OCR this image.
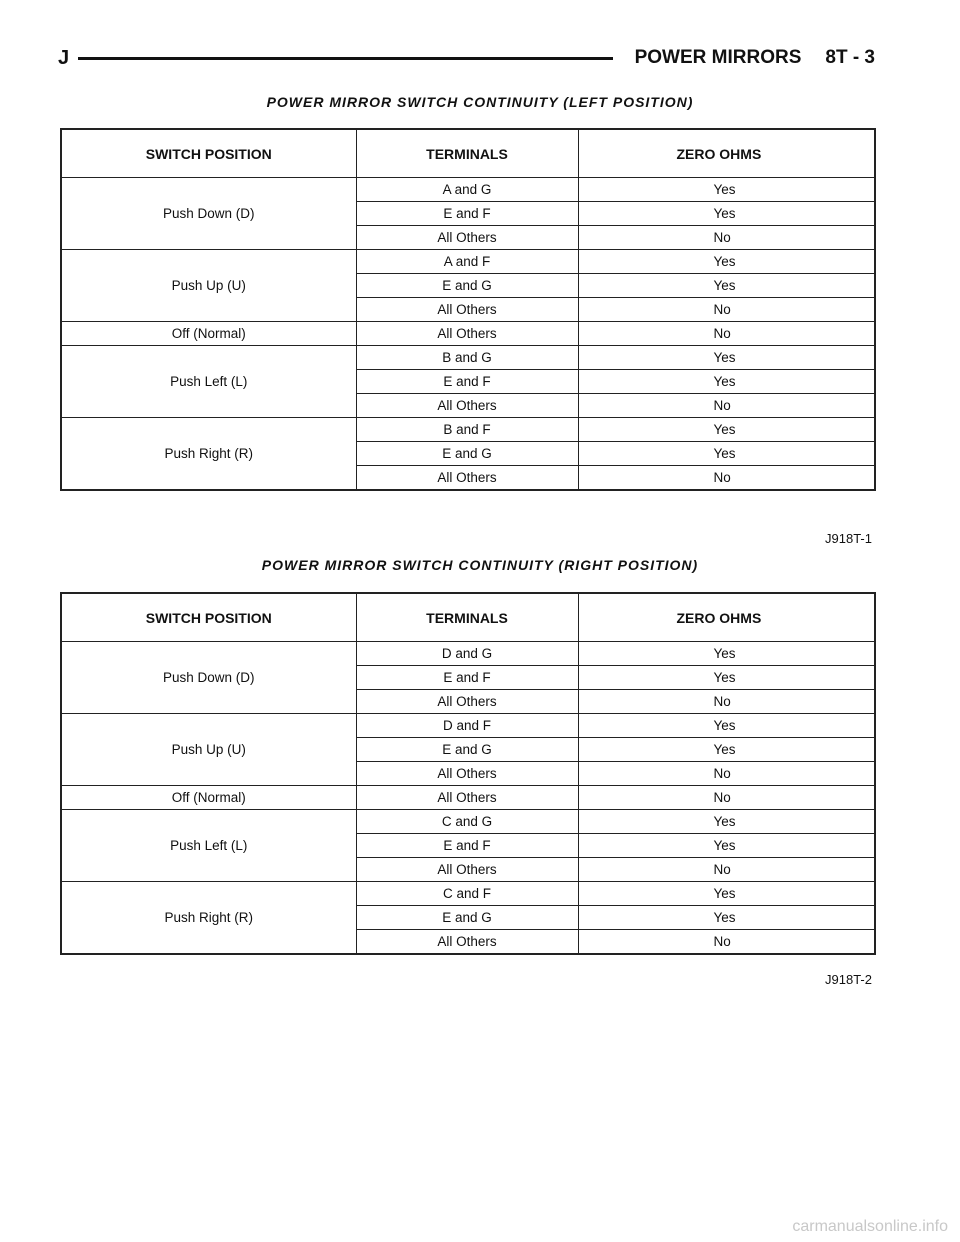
J	POWER MIRRORS 8T - 3
POWER MIRROR SWITCH CONTINUITY (LEFT POSITION)
SWITCH POSITION	TERMINALS	ZERO OHMS
Push Down (D)	A and G	Yes
	E and F	Yes
	All Others	No
Push Up (U)	A and F	Yes
	E and G	Yes
	All Others	No
Off (Normal)	All Others	No
Push Left (L)	B and G	Yes
	E and F	Yes
	All Others	No
Push Right (R)	B and F	Yes
	E and G	Yes
	All Others	No
J918T-1
POWER MIRROR SWITCH CONTINUITY (RIGHT POSITION)
SWITCH POSITION	TERMINALS	ZERO OHMS
Push Down (D)	D and G	Yes
	E and F	Yes
	All Others	No
Push Up (U)	D and F	Yes
	E and G	Yes
	All Others	No
Off (Normal)	All Others	No
Push Left (L)	C and G	Yes
	E and F	Yes
	All Others	No
Push Right (R)	C and F	Yes
	E and G	Yes
	All Others	No
J918T-2
carmanualsonline.info
